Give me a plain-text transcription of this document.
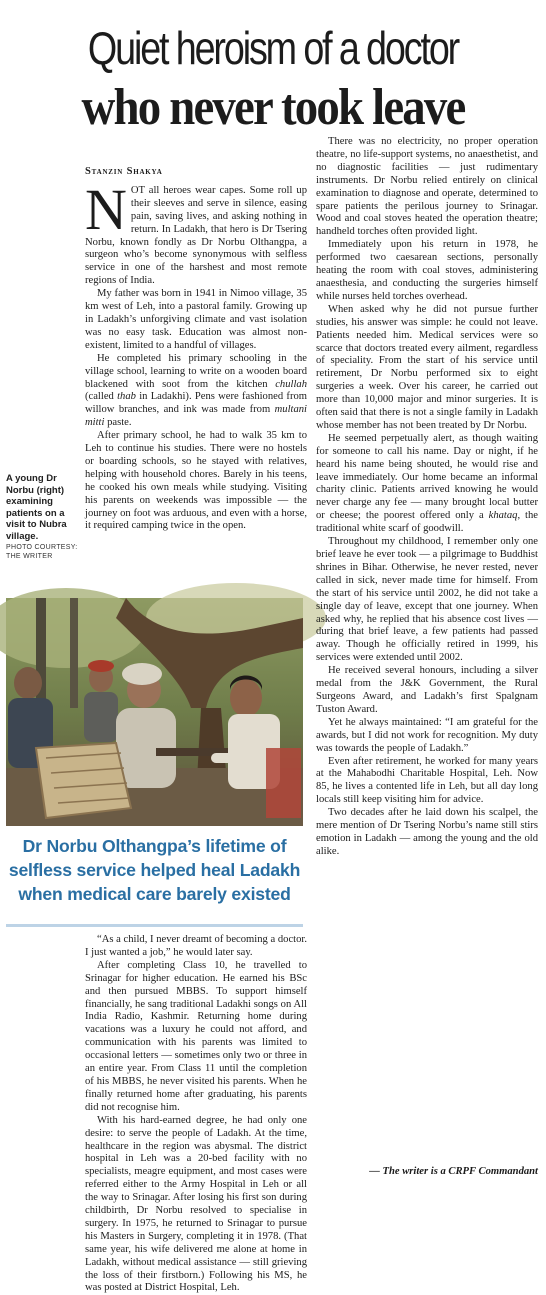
Quiet heroism of a doctor
who never took leave
Stanzin Shakya

NOT all heroes wear capes. Some roll up their sleeves and serve in silence, easing pain, saving lives, and asking nothing in return. In Ladakh, that hero is Dr Tsering Norbu, known fondly as Dr Norbu Olthangpa, a surgeon who’s become synonymous with selfless service in one of the harshest and most remote regions of India.

My father was born in 1941 in Nimoo village, 35 km west of Leh, into a pastoral family. Growing up in Ladakh’s unforgiving climate and vast isolation was no easy task. Education was almost non-existent, limited to a handful of villages.

He completed his primary schooling in the village school, learning to write on a wooden board blackened with soot from the kitchen chullah (called thab in Ladakhi). Pens were fashioned from willow branches, and ink was made from multani mitti paste.

After primary school, he had to walk 35 km to Leh to continue his studies. There were no hostels or boarding schools, so he stayed with relatives, helping with household chores. Barely in his teens, he cooked his own meals while studying. Visiting his parents on weekends was impossible — the journey on foot was arduous, and even with a horse, it required camping twice in the open.

A young Dr Norbu (right) examining patients on a visit to Nubra village.
PHOTO COURTESY: THE WRITER
Dr Norbu Olthangpa’s lifetime of selfless service helped heal Ladakh when medical care barely existed

“As a child, I never dreamt of becoming a doctor. I just wanted a job,” he would later say.

After completing Class 10, he travelled to Srinagar for higher education. He earned his BSc and then pursued MBBS. To support himself financially, he sang traditional Ladakhi songs on All India Radio, Kashmir. Returning home during vacations was a luxury he could not afford, and communication with his parents was limited to occasional letters — sometimes only two or three in an entire year. From Class 11 until the completion of his MBBS, he never visited his parents. When he finally returned home after graduating, his parents did not recognise him.

With his hard-earned degree, he had only one desire: to serve the people of Ladakh. At the time, healthcare in the region was abysmal. The district hospital in Leh was a 20-bed facility with no specialists, meagre equipment, and most cases were referred either to the Army Hospital in Leh or all the way to Srinagar. After losing his first son during childbirth, Dr Norbu resolved to specialise in surgery. In 1975, he returned to Srinagar to pursue his Masters in Surgery, completing it in 1978. (That same year, his wife delivered me alone at home in Ladakh, without medical assistance — still grieving the loss of their firstborn.) Following his MS, he was posted at District Hospital, Leh.

There was no electricity, no proper operation theatre, no life-support systems, no anaesthetist, and no diagnostic facilities — just rudimentary instruments. Dr Norbu relied entirely on clinical examination to diagnose and operate, determined to spare patients the perilous journey to Srinagar. Wood and coal stoves heated the operation theatre; handheld torches often provided light.

Immediately upon his return in 1978, he performed two caesarean sections, personally heating the room with coal stoves, administering anaesthesia, and conducting the surgeries himself while nurses held torches overhead.

When asked why he did not pursue further studies, his answer was simple: he could not leave. Patients needed him. Medical services were so scarce that doctors treated every ailment, regardless of speciality. From the start of his service until retirement, Dr Norbu performed six to eight surgeries a week. Over his career, he carried out more than 10,000 major and minor surgeries. It is often said that there is not a single family in Ladakh whose member has not been treated by Dr Norbu.

He seemed perpetually alert, as though waiting for someone to call his name. Day or night, if he heard his name being shouted, he would rise and leave immediately. Our home became an informal charity clinic. Patients arrived knowing he would never charge any fee — many brought local butter or cheese; the poorest offered only a khataq, the traditional white scarf of goodwill.

Throughout my childhood, I remember only one brief leave he ever took — a pilgrimage to Buddhist shrines in Bihar. Otherwise, he never rested, never called in sick, never made time for himself. From the start of his service until 2002, he did not take a single day of leave, except that one journey. When asked why, he replied that his absence cost lives — during that brief leave, a few patients had passed away. Though he officially retired in 1999, his services were extended until 2002.

He received several honours, including a silver medal from the J&K Government, the Rural Surgeons Award, and Ladakh’s first Spalgnam Tuston Award.

Yet he always maintained: “I am grateful for the awards, but I did not work for recognition. My duty was towards the people of Ladakh.”

Even after retirement, he worked for many years at the Mahabodhi Charitable Hospital, Leh. Now 85, he lives a contented life in Leh, but all day long locals still keep visiting him for advice.

Two decades after he laid down his scalpel, the mere mention of Dr Tsering Norbu’s name still stirs emotion in Ladakh — among the young and the old alike.

— The writer is a CRPF Commandant
